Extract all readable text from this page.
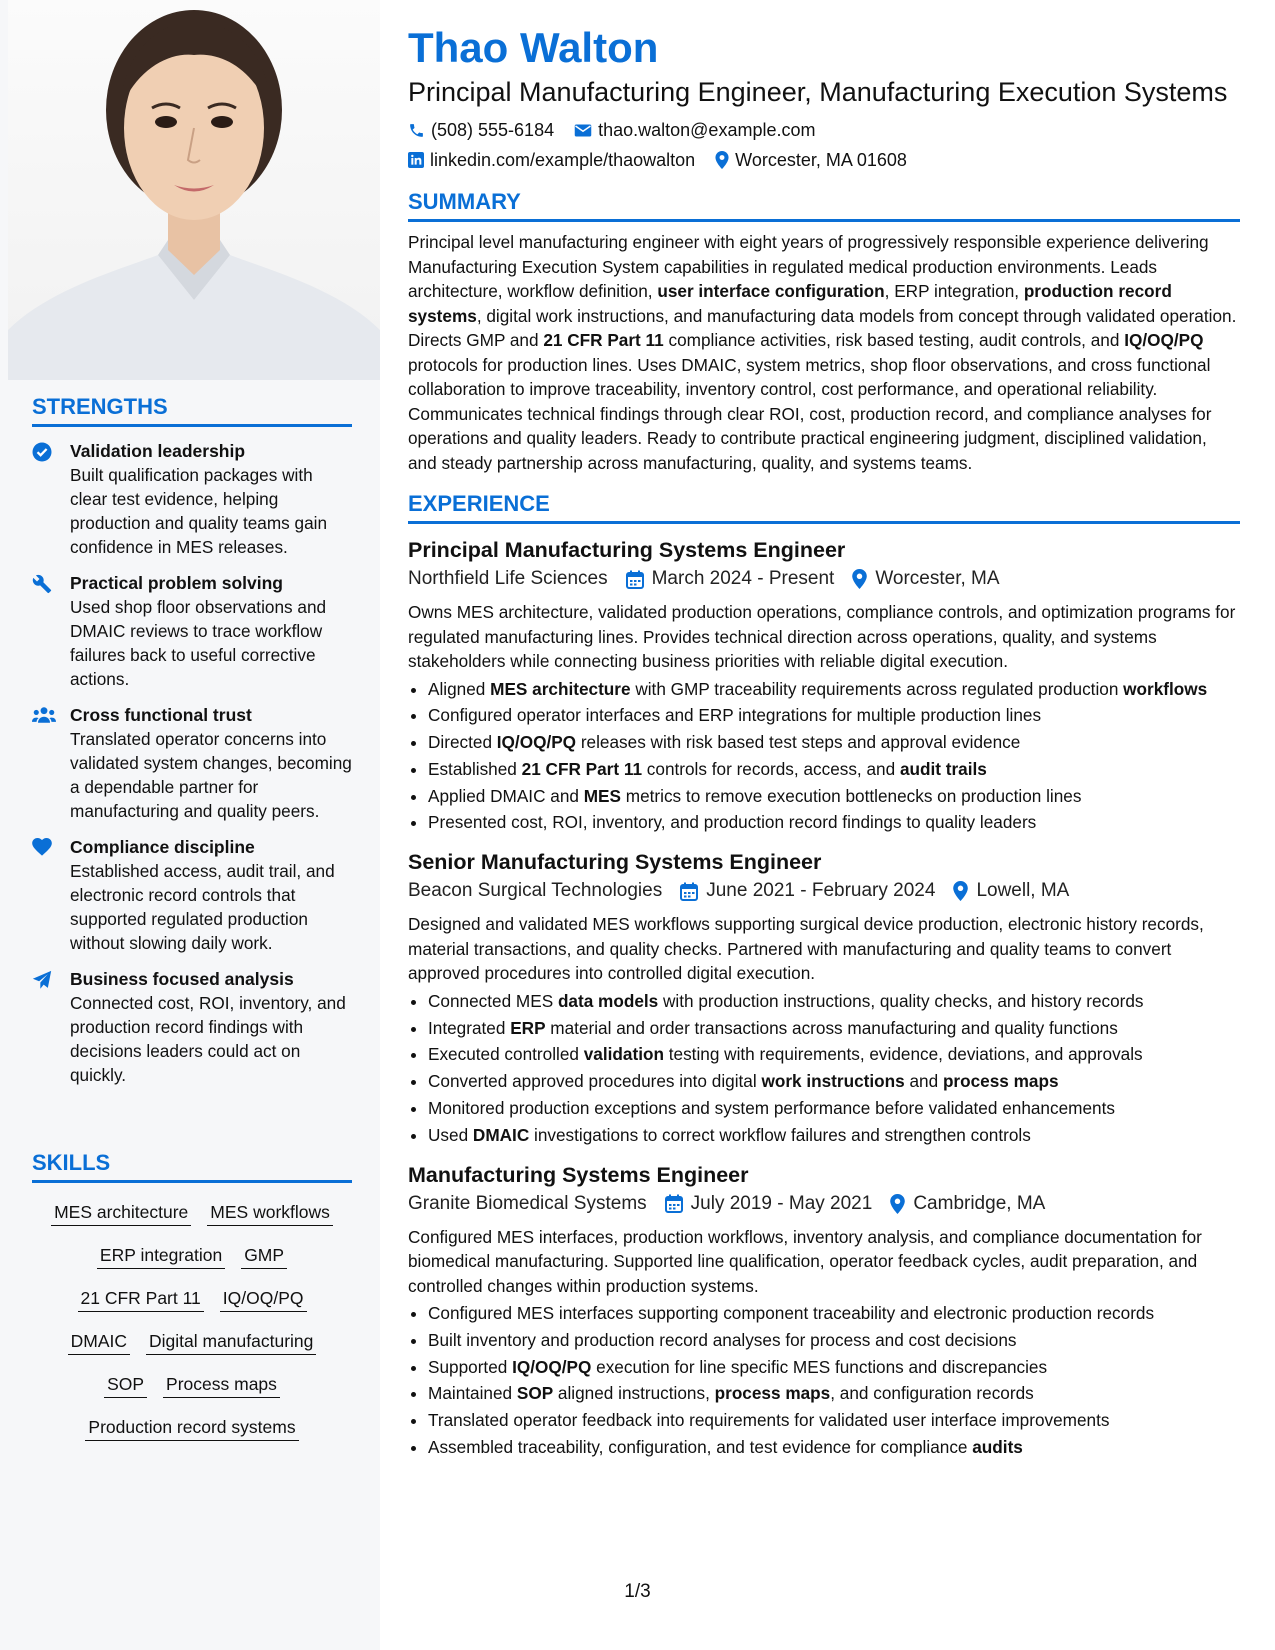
STRENGTHS
Validation leadership
Built qualification packages with clear test evidence, helping production and quality teams gain confidence in MES releases.
Practical problem solving
Used shop floor observations and DMAIC reviews to trace workflow failures back to useful corrective actions.
Cross functional trust
Translated operator concerns into validated system changes, becoming a dependable partner for manufacturing and quality peers.
Compliance discipline
Established access, audit trail, and electronic record controls that supported regulated production without slowing daily work.
Business focused analysis
Connected cost, ROI, inventory, and production record findings with decisions leaders could act on quickly.
SKILLS
MES architecture MES workflows
ERP integration GMP
21 CFR Part 11 IQ/OQ/PQ
DMAIC Digital manufacturing
SOP Process maps
Production record systems
Thao Walton
Principal Manufacturing Engineer, Manufacturing Execution Systems
(508) 555-6184 thao.walton@example.com
linkedin.com/example/thaowalton Worcester, MA 01608
SUMMARY

Principal level manufacturing engineer with eight years of progressively responsible experience delivering Manufacturing Execution System capabilities in regulated medical production environments. Leads architecture, workflow definition, user interface configuration, ERP integration, production record systems, digital work instructions, and manufacturing data models from concept through validated operation. Directs GMP and 21 CFR Part 11 compliance activities, risk based testing, audit controls, and IQ/OQ/PQ protocols for production lines. Uses DMAIC, system metrics, shop floor observations, and cross functional collaboration to improve traceability, inventory control, cost performance, and operational reliability. Communicates technical findings through clear ROI, cost, production record, and compliance analyses for operations and quality leaders. Ready to contribute practical engineering judgment, disciplined validation, and steady partnership across manufacturing, quality, and systems teams.

EXPERIENCE
Principal Manufacturing Systems Engineer
Northfield Life Sciences March 2024 - Present Worcester, MA

Owns MES architecture, validated production operations, compliance controls, and optimization programs for regulated manufacturing lines. Provides technical direction across operations, quality, and systems stakeholders while connecting business priorities with reliable digital execution.

• Aligned MES architecture with GMP traceability requirements across regulated production workflows
• Configured operator interfaces and ERP integrations for multiple production lines
• Directed IQ/OQ/PQ releases with risk based test steps and approval evidence
• Established 21 CFR Part 11 controls for records, access, and audit trails
• Applied DMAIC and MES metrics to remove execution bottlenecks on production lines
• Presented cost, ROI, inventory, and production record findings to quality leaders
Senior Manufacturing Systems Engineer
Beacon Surgical Technologies June 2021 - February 2024 Lowell, MA

Designed and validated MES workflows supporting surgical device production, electronic history records, material transactions, and quality checks. Partnered with manufacturing and quality teams to convert approved procedures into controlled digital execution.

• Connected MES data models with production instructions, quality checks, and history records
• Integrated ERP material and order transactions across manufacturing and quality functions
• Executed controlled validation testing with requirements, evidence, deviations, and approvals
• Converted approved procedures into digital work instructions and process maps
• Monitored production exceptions and system performance before validated enhancements
• Used DMAIC investigations to correct workflow failures and strengthen controls
Manufacturing Systems Engineer
Granite Biomedical Systems July 2019 - May 2021 Cambridge, MA

Configured MES interfaces, production workflows, inventory analysis, and compliance documentation for biomedical manufacturing. Supported line qualification, operator feedback cycles, audit preparation, and controlled changes within production systems.

• Configured MES interfaces supporting component traceability and electronic production records
• Built inventory and production record analyses for process and cost decisions
• Supported IQ/OQ/PQ execution for line specific MES functions and discrepancies
• Maintained SOP aligned instructions, process maps, and configuration records
• Translated operator feedback into requirements for validated user interface improvements
• Assembled traceability, configuration, and test evidence for compliance audits
1/3
